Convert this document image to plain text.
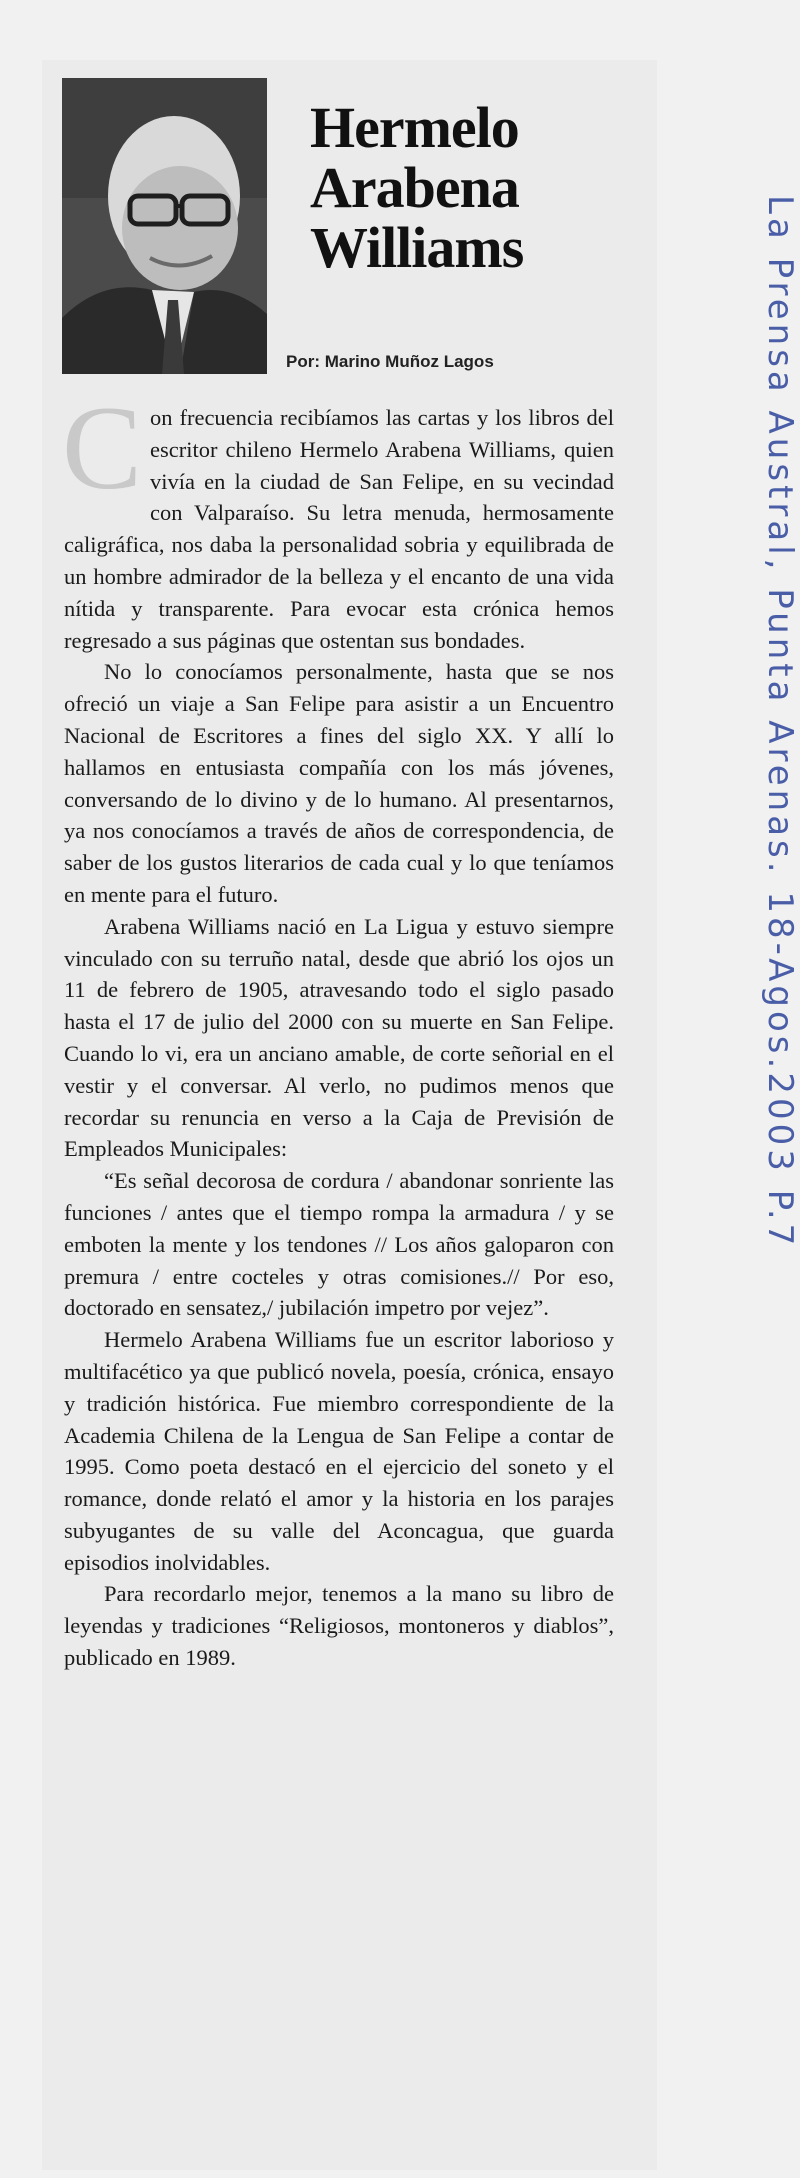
Hermelo
Arabena
Williams
Por: Marino Muñoz Lagos

Con frecuencia recibíamos las cartas y los libros del escritor chileno Hermelo Arabena Williams, quien vivía en la ciudad de San Felipe, en su vecindad con Valparaíso. Su letra menuda, hermosamente caligráfica, nos daba la personalidad sobria y equilibrada de un hombre admirador de la belleza y el encanto de una vida nítida y transparente. Para evocar esta crónica hemos regresado a sus páginas que ostentan sus bondades.

No lo conocíamos personalmente, hasta que se nos ofreció un viaje a San Felipe para asistir a un Encuentro Nacional de Escritores a fines del siglo XX. Y allí lo hallamos en entusiasta compañía con los más jóvenes, conversando de lo divino y de lo humano. Al presentarnos, ya nos conocíamos a través de años de correspondencia, de saber de los gustos literarios de cada cual y lo que teníamos en mente para el futuro.

Arabena Williams nació en La Ligua y estuvo siempre vinculado con su terruño natal, desde que abrió los ojos un 11 de febrero de 1905, atravesando todo el siglo pasado hasta el 17 de julio del 2000 con su muerte en San Felipe. Cuando lo vi, era un anciano amable, de corte señorial en el vestir y el conversar. Al verlo, no pudimos menos que recordar su renuncia en verso a la Caja de Previsión de Empleados Municipales:

“Es señal decorosa de cordura / abandonar sonriente las funciones / antes que el tiempo rompa la armadura / y se emboten la mente y los tendones // Los años galoparon con premura / entre cocteles y otras comisiones.// Por eso, doctorado en sensatez,/ jubilación impetro por vejez”.

Hermelo Arabena Williams fue un escritor laborioso y multifacético ya que publicó novela, poesía, crónica, ensayo y tradición histórica. Fue miembro correspondiente de la Academia Chilena de la Lengua de San Felipe a contar de 1995. Como poeta destacó en el ejercicio del soneto y el romance, donde relató el amor y la historia en los parajes subyugantes de su valle del Aconcagua, que guarda episodios inolvidables.

Para recordarlo mejor, tenemos a la mano su libro de leyendas y tradiciones “Religiosos, montoneros y diablos”, publicado en 1989.

La Prensa Austral, Punta Arenas. 18-Agos.2003 P.7
